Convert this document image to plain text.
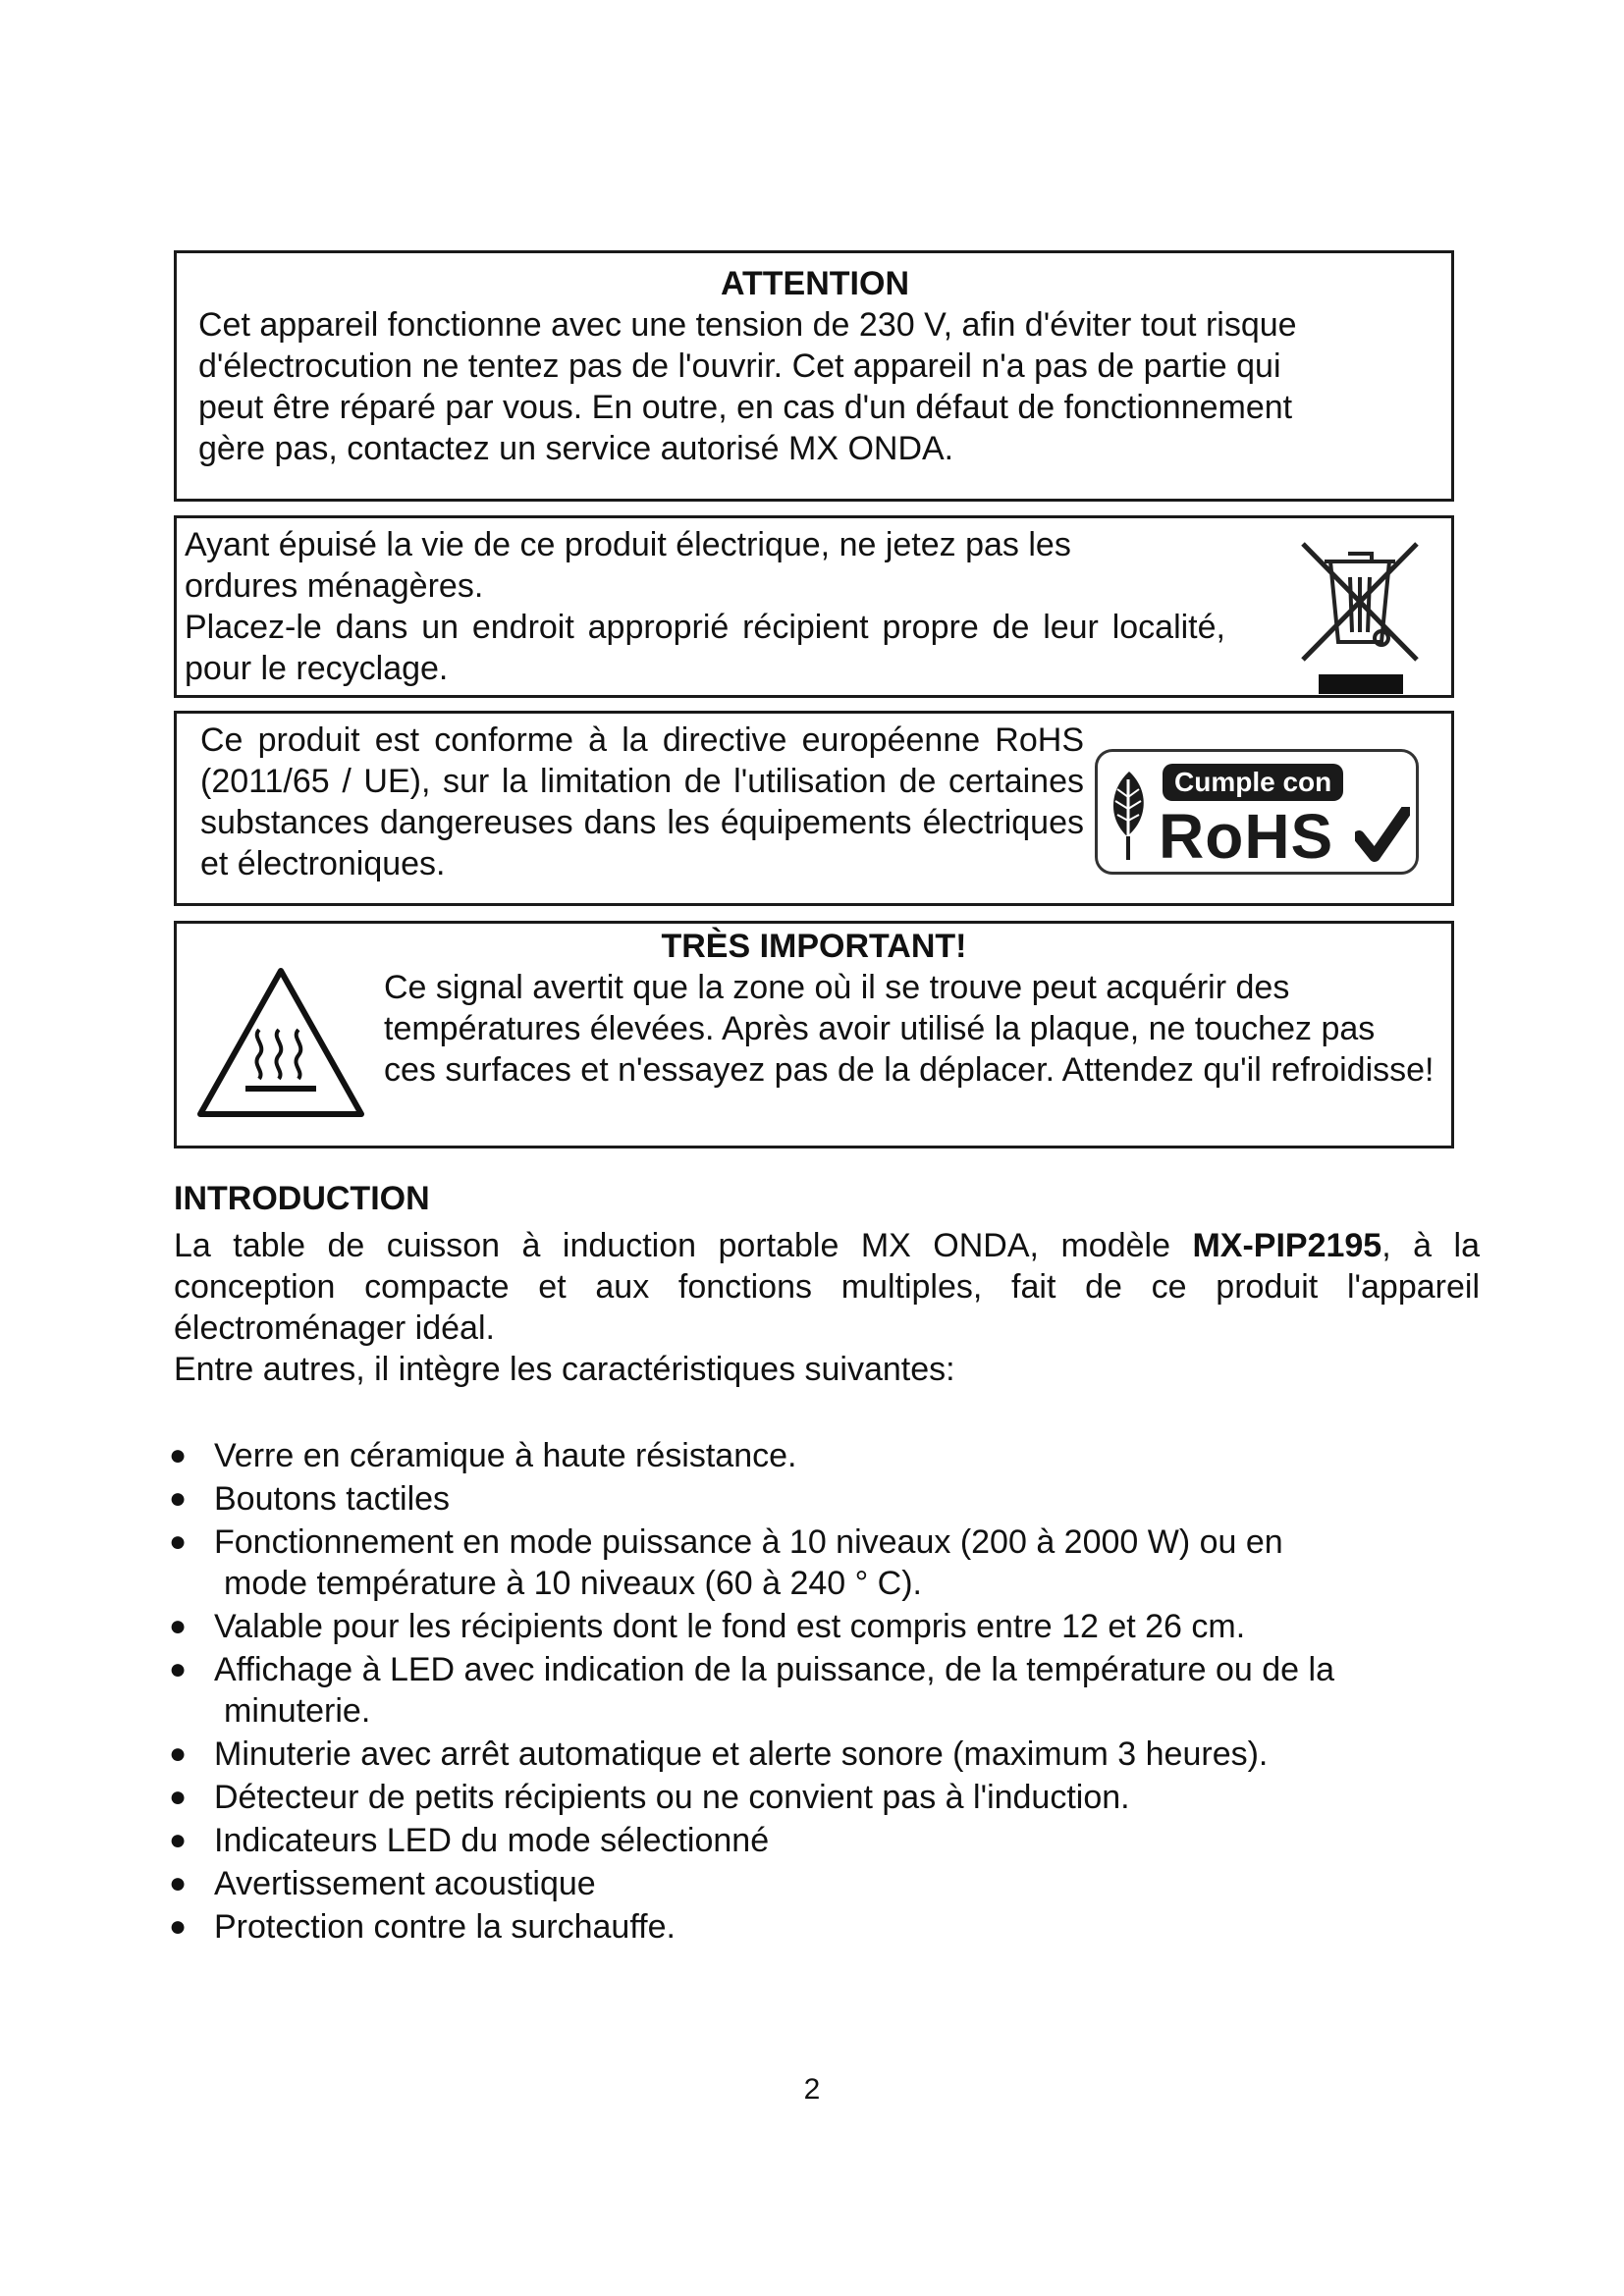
ATTENTION

Cet appareil fonctionne avec une tension de 230 V, afin d'éviter tout risque

d'électrocution ne tentez pas de l'ouvrir. Cet appareil n'a pas de partie qui

peut être réparé par vous. En outre, en cas d'un défaut de fonctionnement

gère pas, contactez un service autorisé MX ONDA.

Ayant épuisé la vie de ce produit électrique, ne jetez pas les ordures ménagères.

Placez-le dans un endroit approprié récipient propre de leur localité, pour le recyclage.

Ce produit est conforme à la directive européenne RoHS (2011/65 / UE), sur la limitation de l'utilisation de certaines substances dangereuses dans les équipements électriques et électroniques.

Cumple con
RoHS
TRÈS IMPORTANT!

Ce signal avertit que la zone où il se trouve peut acquérir des températures élevées. Après avoir utilisé la plaque, ne touchez pas ces surfaces et n'essayez pas de la déplacer. Attendez qu'il refroidisse!

INTRODUCTION

La table de cuisson à induction portable MX ONDA, modèle MX-PIP2195, à la conception compacte et aux fonctions multiples, fait de ce produit l'appareil électroménager idéal.

Entre autres, il intègre les caractéristiques suivantes:

● Verre en céramique à haute résistance.
● Boutons tactiles
● Fonctionnement en mode puissance à 10 niveaux (200 à 2000 W) ou en
mode température à 10 niveaux (60 à 240 ° C).
● Valable pour les récipients dont le fond est compris entre 12 et 26 cm.
● Affichage à LED avec indication de la puissance, de la température ou de la
minuterie.
● Minuterie avec arrêt automatique et alerte sonore (maximum 3 heures).
● Détecteur de petits récipients ou ne convient pas à l'induction.
● Indicateurs LED du mode sélectionné
● Avertissement acoustique
● Protection contre la surchauffe.
2
